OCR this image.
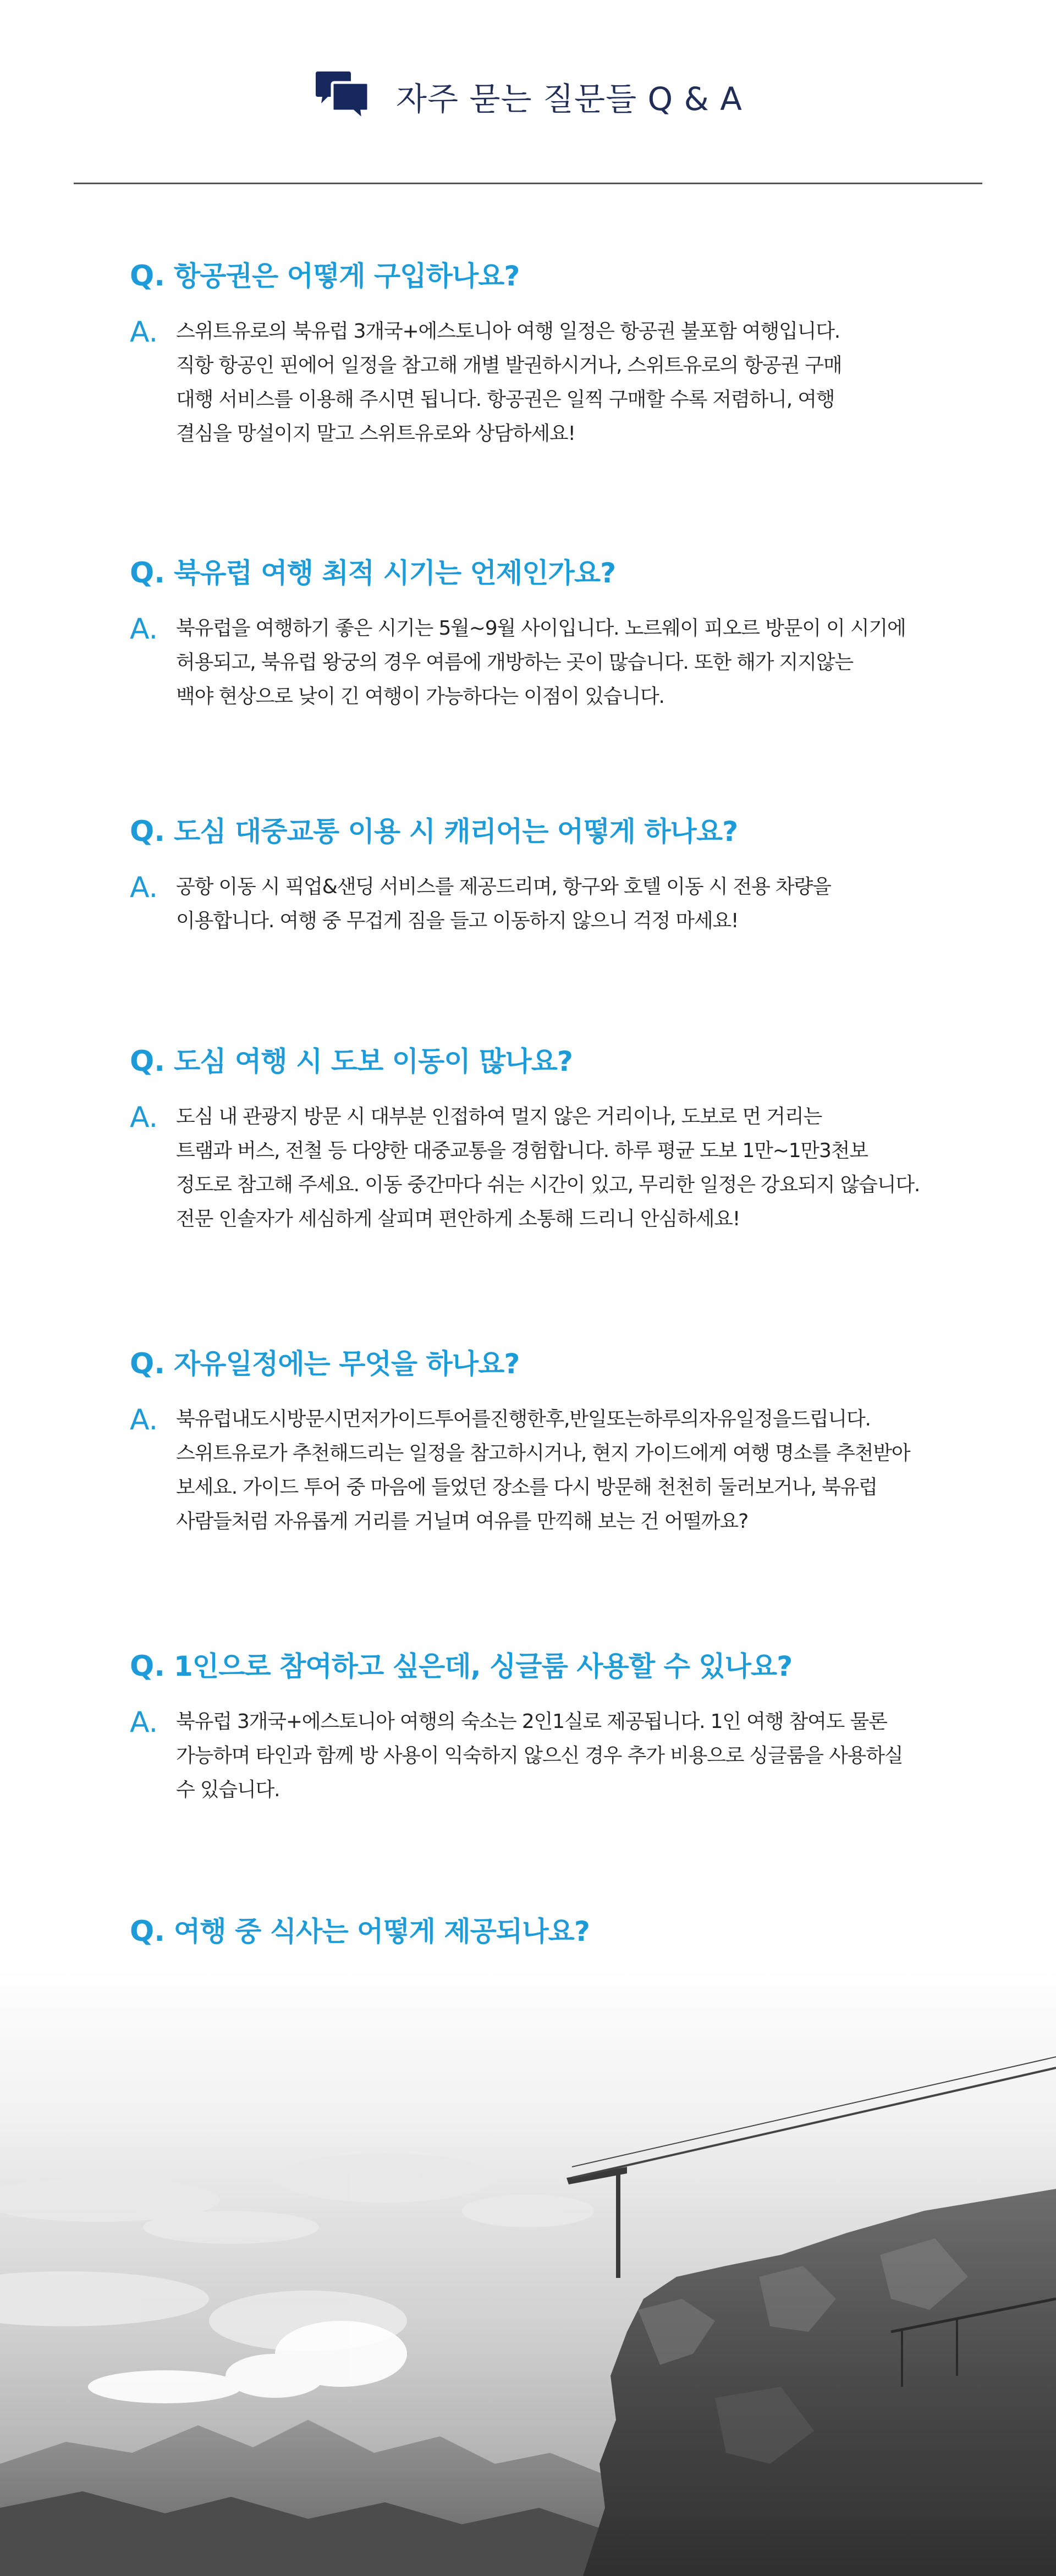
자주 묻는 질문들 Q & A
Q. 항공권은 어떻게 구입하나요?
A. 스위트유로의 북유럽 3개국+에스토니아 여행 일정은 항공권 불포함 여행입니다.
직항 항공인 핀에어 일정을 참고해 개별 발권하시거나, 스위트유로의 항공권 구매
대행 서비스를 이용해 주시면 됩니다. 항공권은 일찍 구매할 수록 저렴하니, 여행
결심을 망설이지 말고 스위트유로와 상담하세요!
Q. 북유럽 여행 최적 시기는 언제인가요?
A. 북유럽을 여행하기 좋은 시기는 5월~9월 사이입니다. 노르웨이 피오르 방문이 이 시기에
허용되고, 북유럽 왕궁의 경우 여름에 개방하는 곳이 많습니다. 또한 해가 지지않는
백야 현상으로 낮이 긴 여행이 가능하다는 이점이 있습니다.
Q. 도심 대중교통 이용 시 캐리어는 어떻게 하나요?
A. 공항 이동 시 픽업&샌딩 서비스를 제공드리며, 항구와 호텔 이동 시 전용 차량을
이용합니다. 여행 중 무겁게 짐을 들고 이동하지 않으니 걱정 마세요!
Q. 도심 여행 시 도보 이동이 많나요?
A. 도심 내 관광지 방문 시 대부분 인접하여 멀지 않은 거리이나, 도보로 먼 거리는
트램과 버스, 전철 등 다양한 대중교통을 경험합니다. 하루 평균 도보 1만~1만3천보
정도로 참고해 주세요. 이동 중간마다 쉬는 시간이 있고, 무리한 일정은 강요되지 않습니다.
전문 인솔자가 세심하게 살피며 편안하게 소통해 드리니 안심하세요!
Q. 자유일정에는 무엇을 하나요?
A. 북유럽내도시방문시먼저가이드투어를진행한후,반일또는하루의자유일정을드립니다.
스위트유로가 추천해드리는 일정을 참고하시거나, 현지 가이드에게 여행 명소를 추천받아
보세요. 가이드 투어 중 마음에 들었던 장소를 다시 방문해 천천히 둘러보거나, 북유럽
사람들처럼 자유롭게 거리를 거닐며 여유를 만끽해 보는 건 어떨까요?
Q. 1인으로 참여하고 싶은데, 싱글룸 사용할 수 있나요?
A. 북유럽 3개국+에스토니아 여행의 숙소는 2인1실로 제공됩니다. 1인 여행 참여도 물론
가능하며 타인과 함께 방 사용이 익숙하지 않으신 경우 추가 비용으로 싱글룸을 사용하실
수 있습니다.
Q. 여행 중 식사는 어떻게 제공되나요?
